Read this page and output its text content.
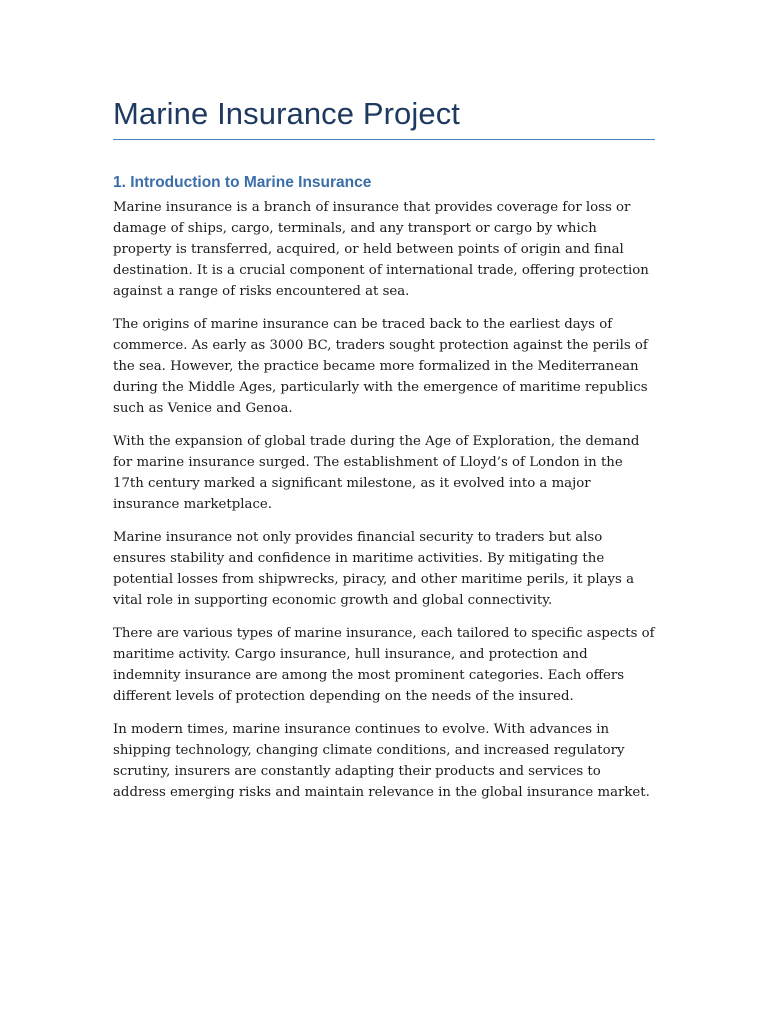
Marine Insurance Project
1. Introduction to Marine Insurance

Marine insurance is a branch of insurance that provides coverage for loss or damage of ships, cargo, terminals, and any transport or cargo by which property is transferred, acquired, or held between points of origin and final destination. It is a crucial component of international trade, offering protection against a range of risks encountered at sea.

The origins of marine insurance can be traced back to the earliest days of commerce. As early as 3000 BC, traders sought protection against the perils of the sea. However, the practice became more formalized in the Mediterranean during the Middle Ages, particularly with the emergence of maritime republics such as Venice and Genoa.

With the expansion of global trade during the Age of Exploration, the demand for marine insurance surged. The establishment of Lloyd’s of London in the 17th century marked a significant milestone, as it evolved into a major insurance marketplace.

Marine insurance not only provides financial security to traders but also ensures stability and confidence in maritime activities. By mitigating the potential losses from shipwrecks, piracy, and other maritime perils, it plays a vital role in supporting economic growth and global connectivity.

There are various types of marine insurance, each tailored to specific aspects of maritime activity. Cargo insurance, hull insurance, and protection and indemnity insurance are among the most prominent categories. Each offers different levels of protection depending on the needs of the insured.

In modern times, marine insurance continues to evolve. With advances in shipping technology, changing climate conditions, and increased regulatory scrutiny, insurers are constantly adapting their products and services to address emerging risks and maintain relevance in the global insurance market.
